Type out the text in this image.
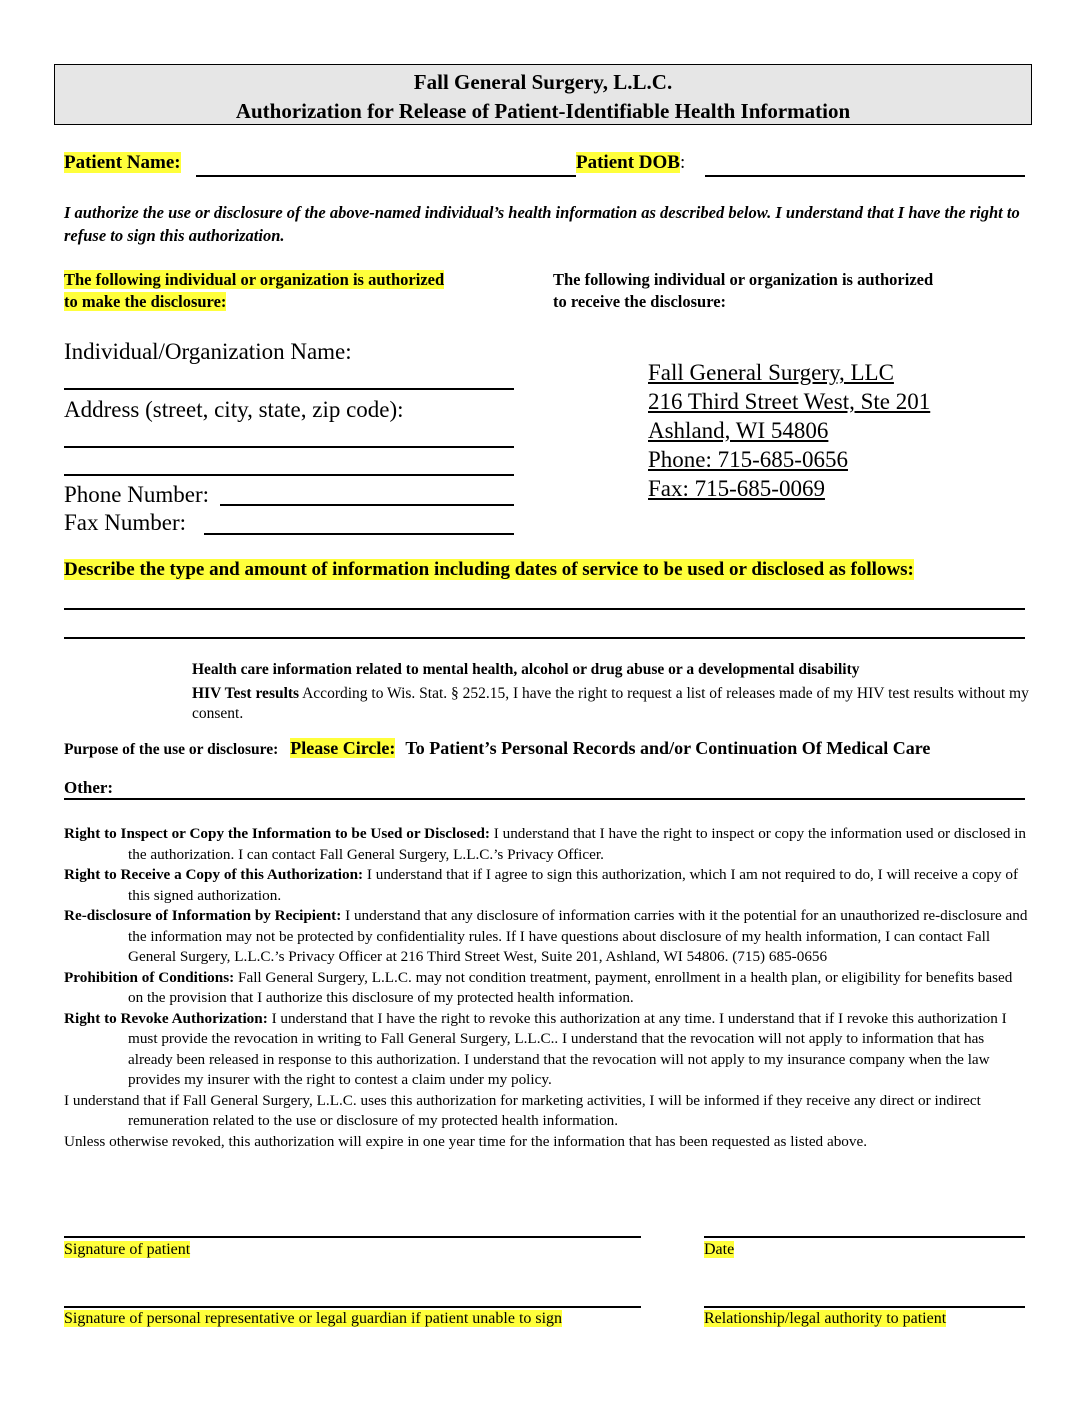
Fall General Surgery, L.L.C.
Authorization for Release of Patient-Identifiable Health Information
Patient Name:	Patient DOB:
I authorize the use or disclosure of the above-named individual’s health information as described below. I understand that I have the right to refuse to sign this authorization.
The following individual or organization is authorized
to make the disclosure:
Individual/Organization Name:
Address (street, city, state, zip code):
Phone Number:
Fax Number:
The following individual or organization is authorized
to receive the disclosure:
Fall General Surgery, LLC
216 Third Street West, Ste 201
Ashland, WI 54806
Phone: 715-685-0656
Fax: 715-685-0069
Describe the type and amount of information including dates of service to be used or disclosed as follows:
Health care information related to mental health, alcohol or drug abuse or a developmental disability
HIV Test results According to Wis. Stat. § 252.15, I have the right to request a list of releases made of my HIV test results without my consent.
Purpose of the use or disclosure: Please Circle: To Patient’s Personal Records and/or Continuation Of Medical Care
Other:

Right to Inspect or Copy the Information to be Used or Disclosed: I understand that I have the right to inspect or copy the information used or disclosed in the authorization. I can contact Fall General Surgery, L.L.C.’s Privacy Officer.

Right to Receive a Copy of this Authorization: I understand that if I agree to sign this authorization, which I am not required to do, I will receive a copy of this signed authorization.

Re-disclosure of Information by Recipient: I understand that any disclosure of information carries with it the potential for an unauthorized re-disclosure and the information may not be protected by confidentiality rules. If I have questions about disclosure of my health information, I can contact Fall General Surgery, L.L.C.’s Privacy Officer at 216 Third Street West, Suite 201, Ashland, WI 54806. (715) 685-0656

Prohibition of Conditions: Fall General Surgery, L.L.C. may not condition treatment, payment, enrollment in a health plan, or eligibility for benefits based on the provision that I authorize this disclosure of my protected health information.

Right to Revoke Authorization: I understand that I have the right to revoke this authorization at any time. I understand that if I revoke this authorization I must provide the revocation in writing to Fall General Surgery, L.L.C.. I understand that the revocation will not apply to information that has already been released in response to this authorization. I understand that the revocation will not apply to my insurance company when the law provides my insurer with the right to contest a claim under my policy.

I understand that if Fall General Surgery, L.L.C. uses this authorization for marketing activities, I will be informed if they receive any direct or indirect remuneration related to the use or disclosure of my protected health information.

Unless otherwise revoked, this authorization will expire in one year time for the information that has been requested as listed above.

Signature of patient	Date
Signature of personal representative or legal guardian if patient unable to sign	Relationship/legal authority to patient
